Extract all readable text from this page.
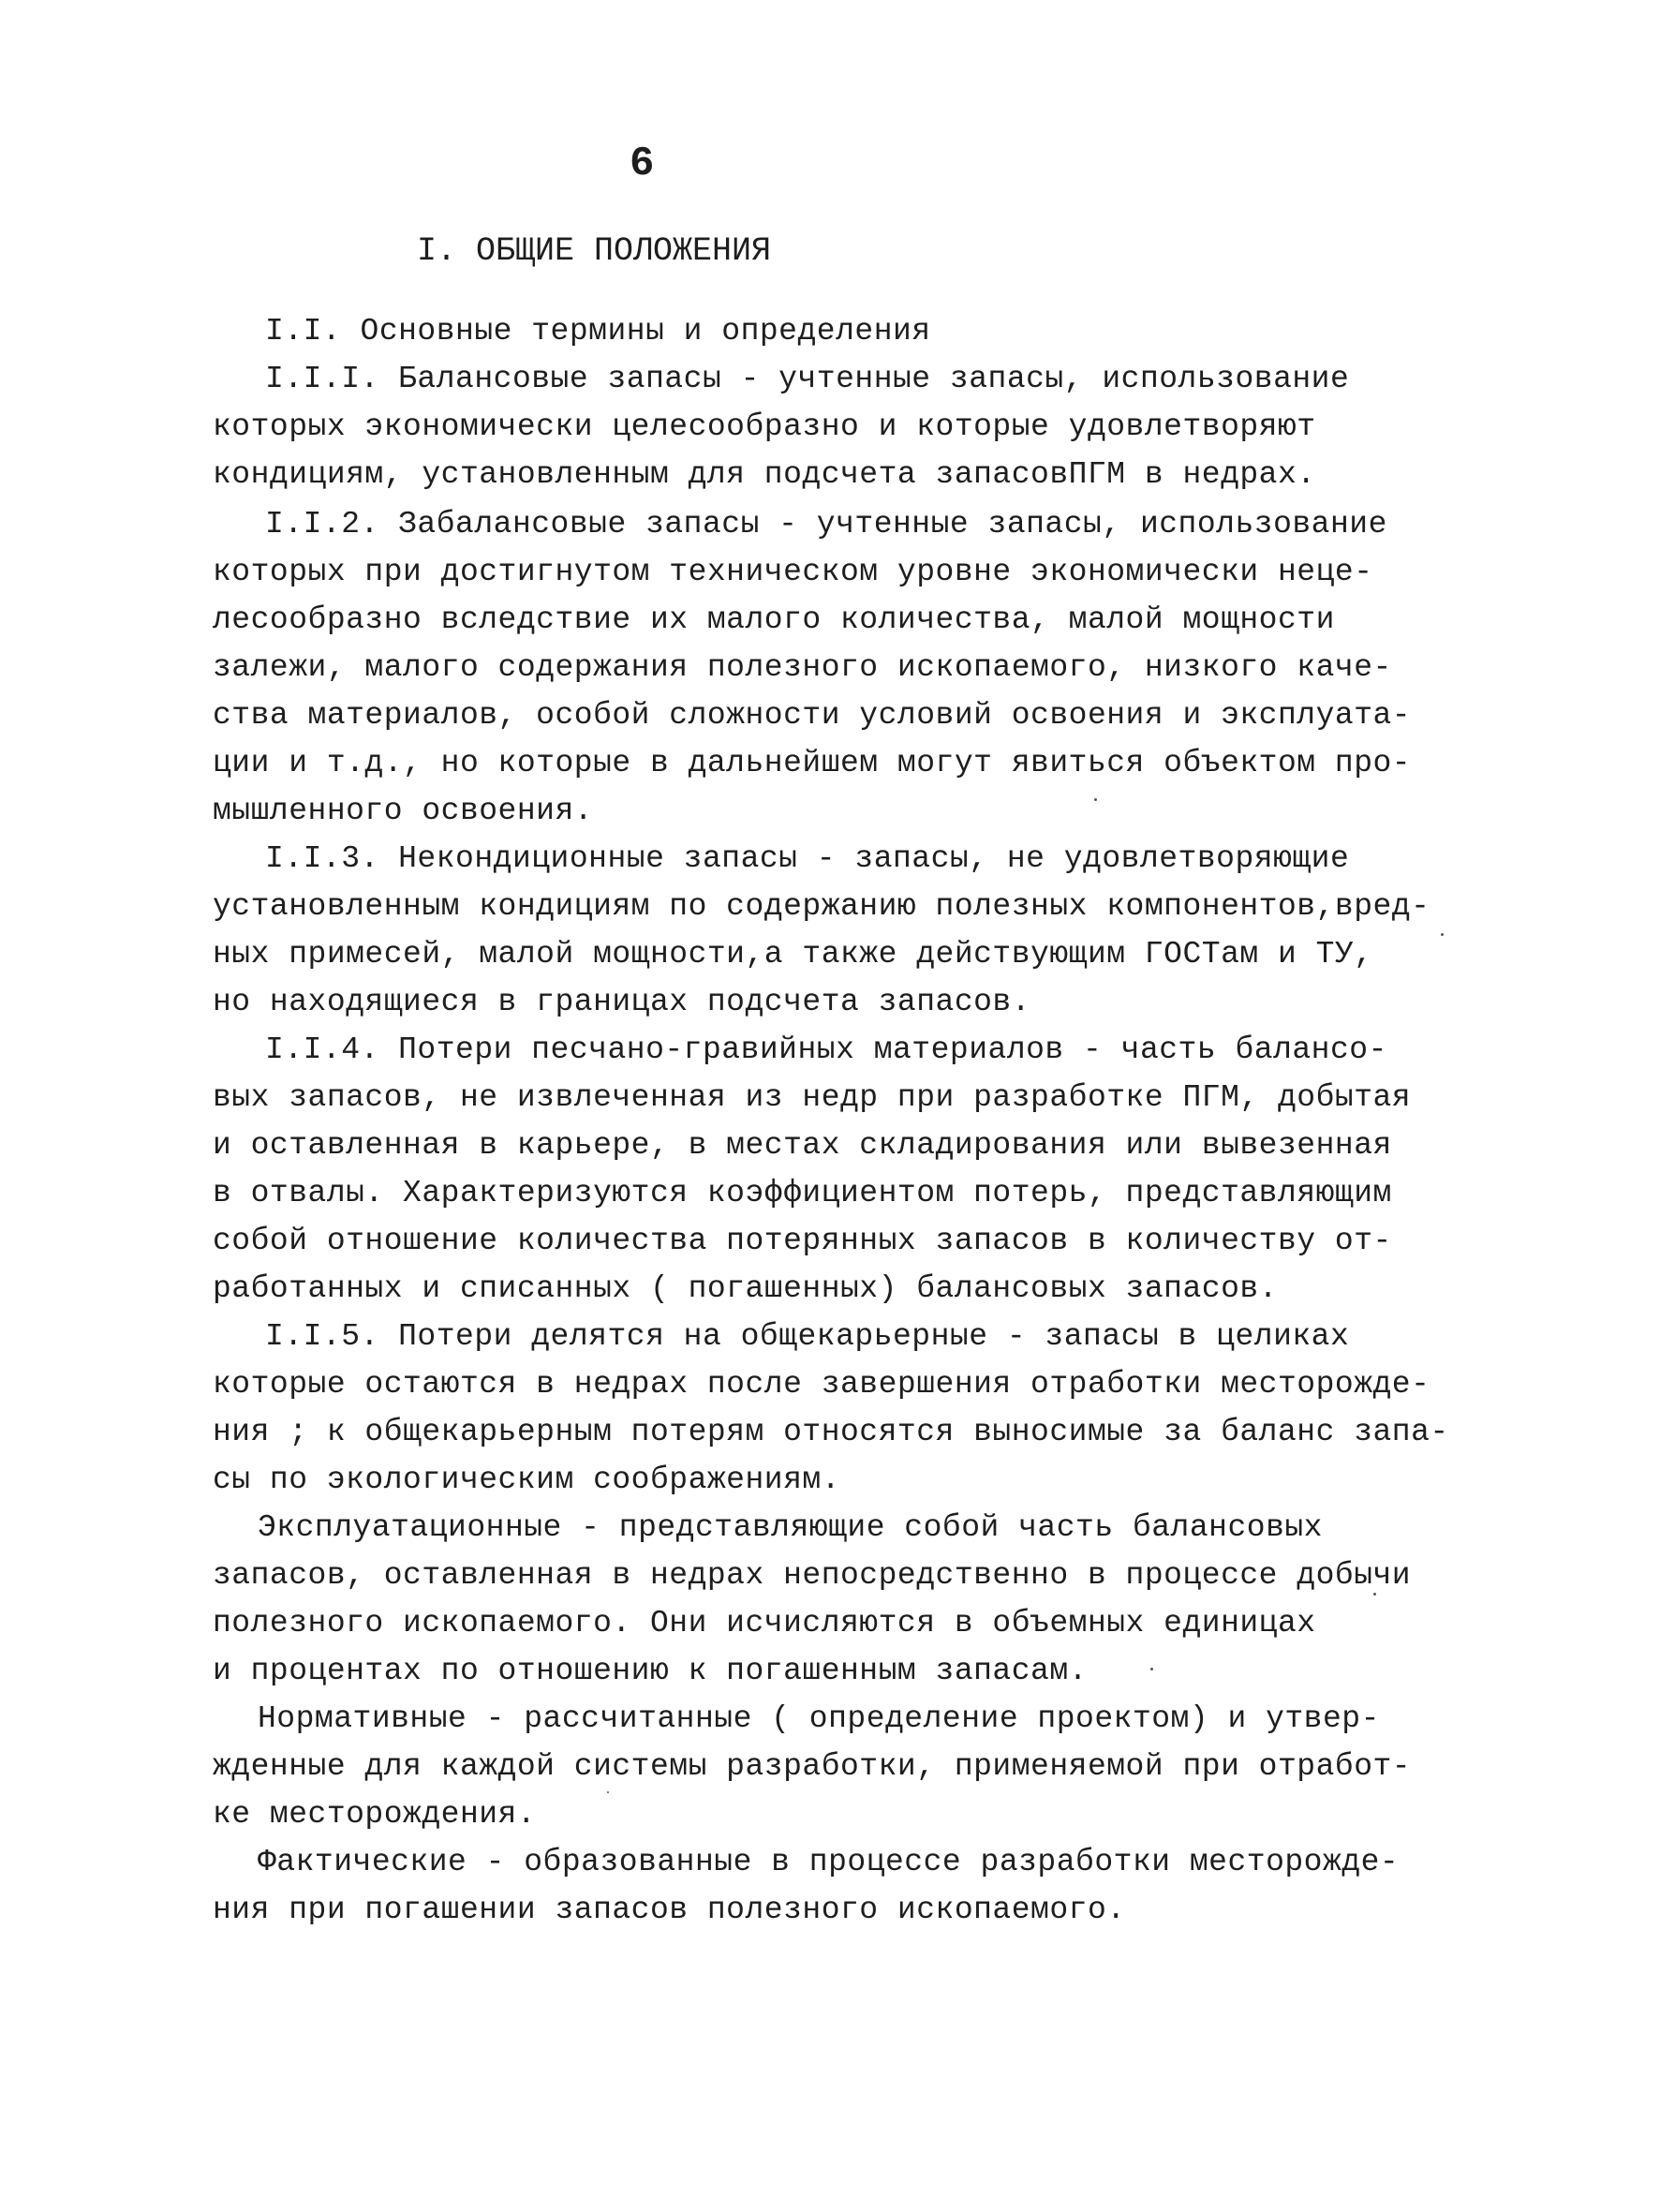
6
I. ОБЩИЕ ПОЛОЖЕНИЯ
I.I. Основные термины и определения
I.I.I. Балансовые запасы - учтенные запасы, использование
которых экономически целесообразно и которые удовлетворяют
кондициям, установленным для подсчета запасовПГМ в недрах.
I.I.2. Забалансовые запасы - учтенные запасы, использование
которых при достигнутом техническом уровне экономически неце-
лесообразно вследствие их малого количества, малой мощности
залежи, малого содержания полезного ископаемого, низкого каче-
ства материалов, особой сложности условий освоения и эксплуата-
ции и т.д., но которые в дальнейшем могут явиться объектом про-
мышленного освоения.
I.I.3. Некондиционные запасы - запасы, не удовлетворяющие
установленным кондициям по содержанию полезных компонентов,вред-
ных примесей, малой мощности,а также действующим ГОСТам и ТУ,
но находящиеся в границах подсчета запасов.
I.I.4. Потери песчано-гравийных материалов - часть балансо-
вых запасов, не извлеченная из недр при разработке ПГМ, добытая
и оставленная в карьере, в местах складирования или вывезенная
в отвалы. Характеризуются коэффициентом потерь, представляющим
собой отношение количества потерянных запасов в количеству от-
работанных и списанных ( погашенных) балансовых запасов.
I.I.5. Потери делятся на общекарьерные - запасы в целиках
которые остаются в недрах после завершения отработки месторожде-
ния ; к общекарьерным потерям относятся выносимые за баланс запа-
сы по экологическим соображениям.
Эксплуатационные - представляющие собой часть балансовых
запасов, оставленная в недрах непосредственно в процессе добычи
полезного ископаемого. Они исчисляются в объемных единицах
и процентах по отношению к погашенным запасам.
Нормативные - рассчитанные ( определение проектом) и утвер-
жденные для каждой системы разработки, применяемой при отработ-
ке месторождения.
Фактические - образованные в процессе разработки месторожде-
ния при погашении запасов полезного ископаемого.
